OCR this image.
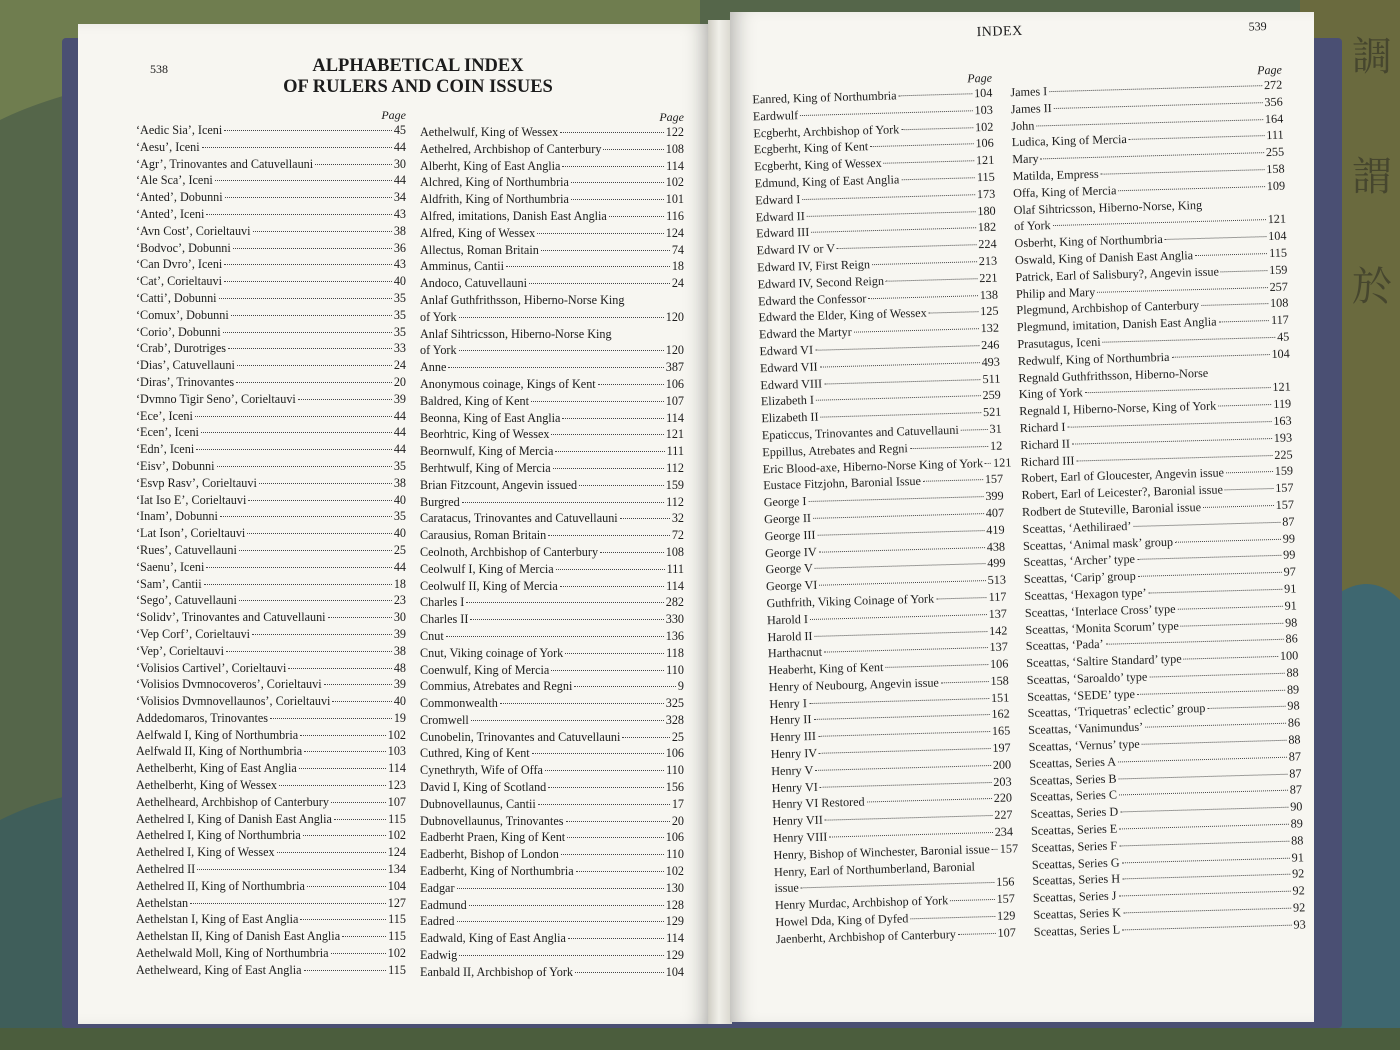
調
謂
於
538	ALPHABETICAL INDEX
OF RULERS AND COIN ISSUES
Page
‘Aedic Sia’, Iceni	45
‘Aesu’, Iceni	44
‘Agr’, Trinovantes and Catuvellauni	30
‘Ale Sca’, Iceni	44
‘Anted’, Dobunni	34
‘Anted’, Iceni	43
‘Avn Cost’, Corieltauvi	38
‘Bodvoc’, Dobunni	36
‘Can Dvro’, Iceni	43
‘Cat’, Corieltauvi	40
‘Catti’, Dobunni	35
‘Comux’, Dobunni	35
‘Corio’, Dobunni	35
‘Crab’, Durotriges	33
‘Dias’, Catuvellauni	24
‘Diras’, Trinovantes	20
‘Dvmno Tigir Seno’, Corieltauvi	39
‘Ece’, Iceni	44
‘Ecen’, Iceni	44
‘Edn’, Iceni	44
‘Eisv’, Dobunni	35
‘Esvp Rasv’, Corieltauvi	38
‘Iat Iso E’, Corieltauvi	40
‘Inam’, Dobunni	35
‘Lat Ison’, Corieltauvi	40
‘Rues’, Catuvellauni	25
‘Saenu’, Iceni	44
‘Sam’, Cantii	18
‘Sego’, Catuvellauni	23
‘Solidv’, Trinovantes and Catuvellauni	30
‘Vep Corf’, Corieltauvi	39
‘Vep’, Corieltauvi	38
‘Volisios Cartivel’, Corieltauvi	48
‘Volisios Dvmnocoveros’, Corieltauvi	39
‘Volisios Dvmnovellaunos’, Corieltauvi	40
Addedomaros, Trinovantes	19
Aelfwald I, King of Northumbria	102
Aelfwald II, King of Northumbria	103
Aethelberht, King of East Anglia	114
Aethelberht, King of Wessex	123
Aethelheard, Archbishop of Canterbury	107
Aethelred I, King of Danish East Anglia	115
Aethelred I, King of Northumbria	102
Aethelred I, King of Wessex	124
Aethelred II	134
Aethelred II, King of Northumbria	104
Aethelstan	127
Aethelstan I, King of East Anglia	115
Aethelstan II, King of Danish East Anglia	115
Aethelwald Moll, King of Northumbria	102
Aethelweard, King of East Anglia	115
Page
Aethelwulf, King of Wessex	122
Aethelred, Archbishop of Canterbury	108
Alberht, King of East Anglia	114
Alchred, King of Northumbria	102
Aldfrith, King of Northumbria	101
Alfred, imitations, Danish East Anglia	116
Alfred, King of Wessex	124
Allectus, Roman Britain	74
Amminus, Cantii	18
Andoco, Catuvellauni	24
Anlaf Guthfrithsson, Hiberno-Norse King
of York	120
Anlaf Sihtricsson, Hiberno-Norse King
of York	120
Anne	387
Anonymous coinage, Kings of Kent	106
Baldred, King of Kent	107
Beonna, King of East Anglia	114
Beorhtric, King of Wessex	121
Beornwulf, King of Mercia	111
Berhtwulf, King of Mercia	112
Brian Fitzcount, Angevin issued	159
Burgred	112
Caratacus, Trinovantes and Catuvellauni	32
Carausius, Roman Britain	72
Ceolnoth, Archbishop of Canterbury	108
Ceolwulf I, King of Mercia	111
Ceolwulf II, King of Mercia	114
Charles I	282
Charles II	330
Cnut	136
Cnut, Viking coinage of York	118
Coenwulf, King of Mercia	110
Commius, Atrebates and Regni	9
Commonwealth	325
Cromwell	328
Cunobelin, Trinovantes and Catuvellauni	25
Cuthred, King of Kent	106
Cynethryth, Wife of Offa	110
David I, King of Scotland	156
Dubnovellaunus, Cantii	17
Dubnovellaunus, Trinovantes	20
Eadberht Praen, King of Kent	106
Eadberht, Bishop of London	110
Eadberht, King of Northumbria	102
Eadgar	130
Eadmund	128
Eadred	129
Eadwald, King of East Anglia	114
Eadwig	129
Eanbald II, Archbishop of York	104
INDEX	539
Page
Eanred, King of Northumbria	104
Eardwulf	103
Ecgberht, Archbishop of York	102
Ecgberht, King of Kent	106
Ecgberht, King of Wessex	121
Edmund, King of East Anglia	115
Edward I	173
Edward II	180
Edward III	182
Edward IV or V	224
Edward IV, First Reign	213
Edward IV, Second Reign	221
Edward the Confessor	138
Edward the Elder, King of Wessex	125
Edward the Martyr	132
Edward VI	246
Edward VII	493
Edward VIII	511
Elizabeth I	259
Elizabeth II	521
Epaticcus, Trinovantes and Catuvellauni 31
Eppillus, Atrebates and Regni	12
Eric Blood-axe, Hiberno-Norse King of York 121
Eustace Fitzjohn, Baronial Issue	157
George I	399
George II	407
George III	419
George IV	438
George V	499
George VI	513
Guthfrith, Viking Coinage of York	117
Harold I	137
Harold II	142
Harthacnut	137
Heaberht, King of Kent	106
Henry of Neubourg, Angevin issue	158
Henry I	151
Henry II	162
Henry III	165
Henry IV	197
Henry V	200
Henry VI	203
Henry VI Restored	220
Henry VII	227
Henry VIII	234
Henry, Bishop of Winchester, Baronial issue 157
Henry, Earl of Northumberland, Baronial
issue	156
Henry Murdac, Archbishop of York	157
Howel Dda, King of Dyfed	129
Jaenberht, Archbishop of Canterbury	107
Page
James I	272
James II	356
John	164
Ludica, King of Mercia	111
Mary	255
Matilda, Empress	158
Offa, King of Mercia	109
Olaf Sihtricsson, Hiberno-Norse, King
of York	121
Osberht, King of Northumbria	104
Oswald, King of Danish East Anglia	115
Patrick, Earl of Salisbury?, Angevin issue	159
Philip and Mary	257
Plegmund, Archbishop of Canterbury	108
Plegmund, imitation, Danish East Anglia	117
Prasutagus, Iceni	45
Redwulf, King of Northumbria	104
Regnald Guthfrithsson, Hiberno-Norse
King of York	121
Regnald I, Hiberno-Norse, King of York	119
Richard I	163
Richard II	193
Richard III	225
Robert, Earl of Gloucester, Angevin issue	159
Robert, Earl of Leicester?, Baronial issue	157
Rodbert de Stuteville, Baronial issue	157
Sceattas, ‘Aethiliraed’	87
Sceattas, ‘Animal mask’ group	99
Sceattas, ‘Archer’ type	99
Sceattas, ‘Carip’ group	97
Sceattas, ‘Hexagon type’	91
Sceattas, ‘Interlace Cross’ type	91
Sceattas, ‘Monita Scorum’ type	98
Sceattas, ‘Pada’	86
Sceattas, ‘Saltire Standard’ type	100
Sceattas, ‘Saroaldo’ type	88
Sceattas, ‘SEDE’ type	89
Sceattas, ‘Triquetras’ eclectic’ group	98
Sceattas, ‘Vanimundus’	86
Sceattas, ‘Vernus’ type	88
Sceattas, Series A	87
Sceattas, Series B	87
Sceattas, Series C	87
Sceattas, Series D	90
Sceattas, Series E	89
Sceattas, Series F	88
Sceattas, Series G	91
Sceattas, Series H	92
Sceattas, Series J	92
Sceattas, Series K	92
Sceattas, Series L	93
